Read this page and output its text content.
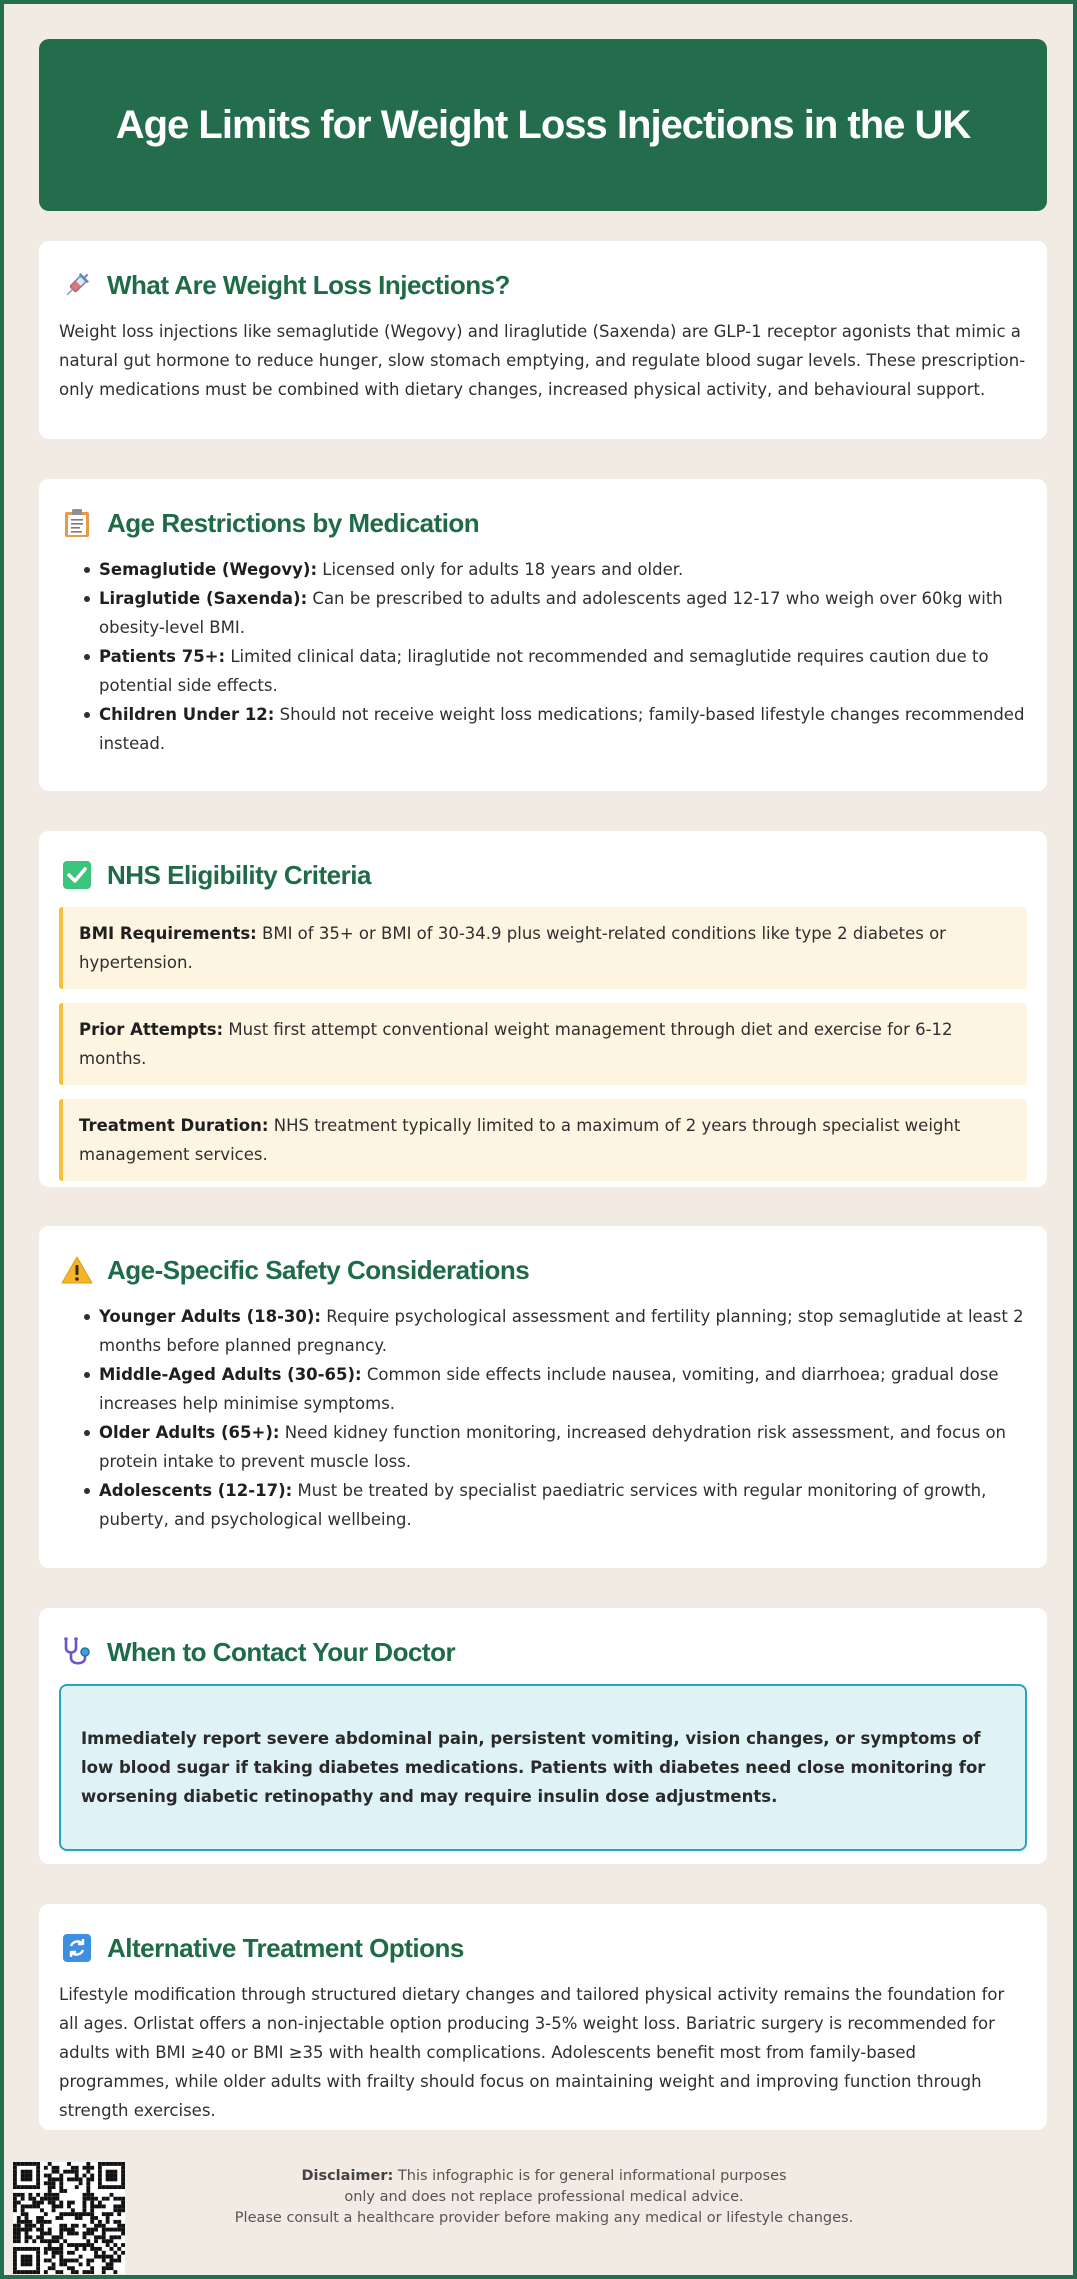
Age Limits for Weight Loss Injections in the UK
What Are Weight Loss Injections?

Weight loss injections like semaglutide (Wegovy) and liraglutide (Saxenda) are GLP-1 receptor agonists that mimic a natural gut hormone to reduce hunger, slow stomach emptying, and regulate blood sugar levels. These prescription-only medications must be combined with dietary changes, increased physical activity, and behavioural support.

Age Restrictions by Medication
Semaglutide (Wegovy): Licensed only for adults 18 years and older.
Liraglutide (Saxenda): Can be prescribed to adults and adolescents aged 12-17 who weigh over 60kg with obesity-level BMI.
Patients 75+: Limited clinical data; liraglutide not recommended and semaglutide requires caution due to potential side effects.
Children Under 12: Should not receive weight loss medications; family-based lifestyle changes recommended instead.
NHS Eligibility Criteria
BMI Requirements: BMI of 35+ or BMI of 30-34.9 plus weight-related conditions like type 2 diabetes or hypertension.
Prior Attempts: Must first attempt conventional weight management through diet and exercise for 6-12 months.
Treatment Duration: NHS treatment typically limited to a maximum of 2 years through specialist weight management services.
Age-Specific Safety Considerations
Younger Adults (18-30): Require psychological assessment and fertility planning; stop semaglutide at least 2 months before planned pregnancy.
Middle-Aged Adults (30-65): Common side effects include nausea, vomiting, and diarrhoea; gradual dose increases help minimise symptoms.
Older Adults (65+): Need kidney function monitoring, increased dehydration risk assessment, and focus on protein intake to prevent muscle loss.
Adolescents (12-17): Must be treated by specialist paediatric services with regular monitoring of growth, puberty, and psychological wellbeing.
When to Contact Your Doctor
Immediately report severe abdominal pain, persistent vomiting, vision changes, or symptoms of low blood sugar if taking diabetes medications. Patients with diabetes need close monitoring for worsening diabetic retinopathy and may require insulin dose adjustments.
Alternative Treatment Options

Lifestyle modification through structured dietary changes and tailored physical activity remains the foundation for all ages. Orlistat offers a non-injectable option producing 3-5% weight loss. Bariatric surgery is recommended for adults with BMI ≥40 or BMI ≥35 with health complications. Adolescents benefit most from family-based programmes, while older adults with frailty should focus on maintaining weight and improving function through strength exercises.

Disclaimer: This infographic is for general informational purposes
only and does not replace professional medical advice.
Please consult a healthcare provider before making any medical or lifestyle changes.
